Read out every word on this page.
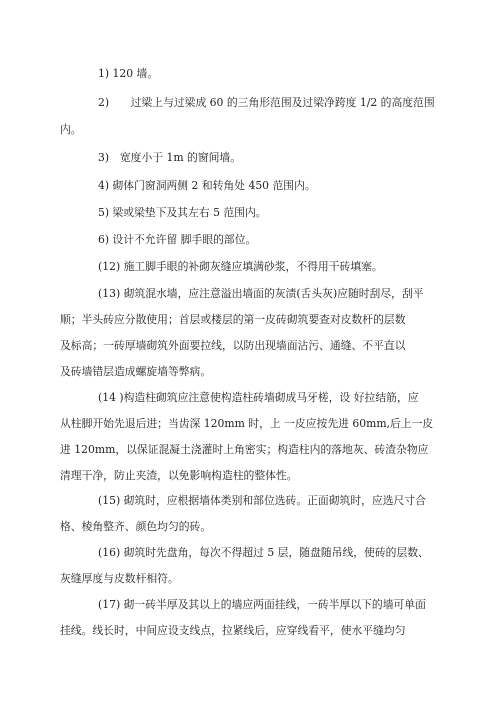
1) 120 墙。
2)　　过梁上与过梁成 60 的三角形范围及过梁净跨度 1/2 的高度范围
内。
3)　宽度小于 1m 的窗间墙。
4) 砌体门窗洞两侧 2 和转角处 450 范围内。
5) 梁或梁垫下及其左右 5 范围内。
6) 设计不允许留 脚手眼的部位。
(12) 施工脚手眼的补砌灰缝应填满砂浆，不得用干砖填塞。
(13) 砌筑混水墙，应注意溢出墙面的灰渍(舌头灰)应随时刮尽，刮平
顺；半头砖应分散使用；首层或楼层的第一皮砖砌筑要查对皮数杆的层数
及标高；一砖厚墙砌筑外面要拉线，以防出现墙面沾污、通缝、不平直以
及砖墙错层造成螺旋墙等弊病。
(14 )构造柱砌筑应注意使构造柱砖墙砌成马牙槎，设 好拉结筋，应
从柱脚开始先退后进；当齿深 120mm 时，上 一皮应按先进 60mm,后上一皮
进 120mm，以保证混凝土浇灌时上角密实；构造柱内的落地灰、砖渣杂物应
清理干净，防止夹渣，以免影响构造柱的整体性。
(15) 砌筑时，应根据墙体类别和部位选砖。正面砌筑时，应选尺寸合
格、棱角整齐、颜色均匀的砖。
(16) 砌筑时先盘角，每次不得超过 5 层，随盘随吊线，使砖的层数、
灰缝厚度与皮数杆相符。
(17) 砌一砖半厚及其以上的墙应两面挂线，一砖半厚以下的墙可单面
挂线。线长时，中间应设支线点，拉紧线后，应穿线看平，使水平缝均匀
